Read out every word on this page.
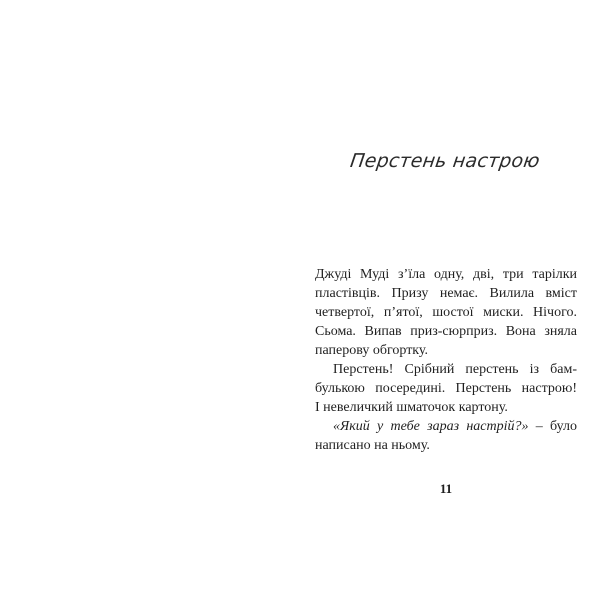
Перстень настрою

Джуді Муді з’їла одну, дві, три тарілки
пластівців. Призу немає. Вилила вміст
четвертої, п’ятої, шостої миски. Нічого.
Сьома. Випав приз-сюрприз. Вона зняла
паперову обгортку.

Перстень! Срібний перстень із бам-
булькою посередині. Перстень настрою!
І невеличкий шматочок картону.

«Який у тебе зараз настрій?» – було
написано на ньому.

11
